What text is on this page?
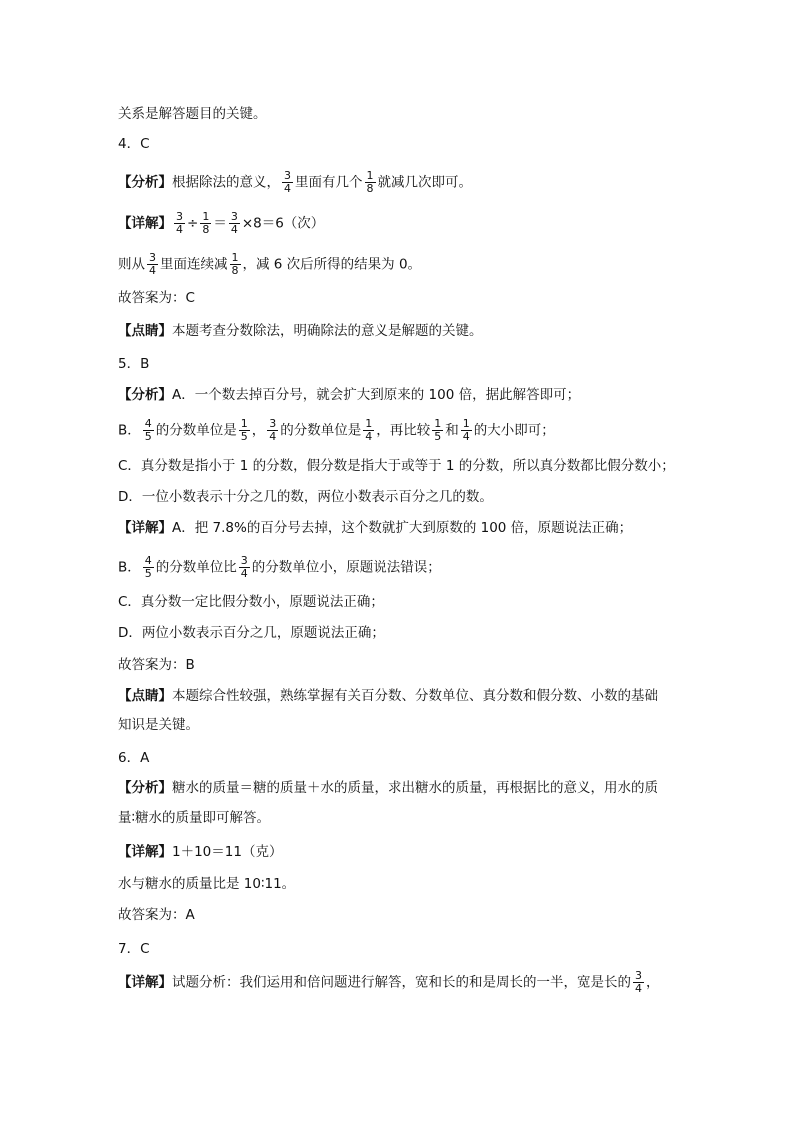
关系是解答题目的关键。
4．C
【分析】根据除法的意义， $\frac{3}{4}$ 里面有几个 $\frac{1}{8}$ 就减几次即可。
【详解】 $\frac{3}{4} \div \frac{1}{8} = \frac{3}{4} \times 8=6$（次）
则从 $\frac{3}{4}$ 里面连续减 $\frac{1}{8}$ ，减 6 次后所得的结果为 0。
故答案为：C
【点睛】本题考查分数除法，明确除法的意义是解题的关键。
5．B
【分析】A．一个数去掉百分号，就会扩大到原来的 100 倍，据此解答即可；
B． $\frac{4}{5}$ 的分数单位是 $\frac{1}{5}$ ， $\frac{3}{4}$ 的分数单位是 $\frac{1}{4}$ ，再比较 $\frac{1}{5}$ 和 $\frac{1}{4}$ 的大小即可；
C．真分数是指小于 1 的分数，假分数是指大于或等于 1 的分数，所以真分数都比假分数小；
D．一位小数表示十分之几的数，两位小数表示百分之几的数。
【详解】A．把 7.8%的百分号去掉，这个数就扩大到原数的 100 倍，原题说法正确；
B． $\frac{4}{5}$ 的分数单位比 $\frac{3}{4}$ 的分数单位小，原题说法错误；
C．真分数一定比假分数小，原题说法正确；
D．两位小数表示百分之几，原题说法正确；
故答案为：B
【点睛】本题综合性较强，熟练掌握有关百分数、分数单位、真分数和假分数、小数的基础
知识是关键。
6．A
【分析】糖水的质量＝糖的质量＋水的质量，求出糖水的质量，再根据比的意义，用水的质
量∶糖水的质量即可解答。
【详解】1＋10＝11（克）
水与糖水的质量比是 10∶11。
故答案为：A
7．C
【详解】试题分析：我们运用和倍问题进行解答，宽和长的和是周长的一半，宽是长的 $\frac{3}{4}$ ，
